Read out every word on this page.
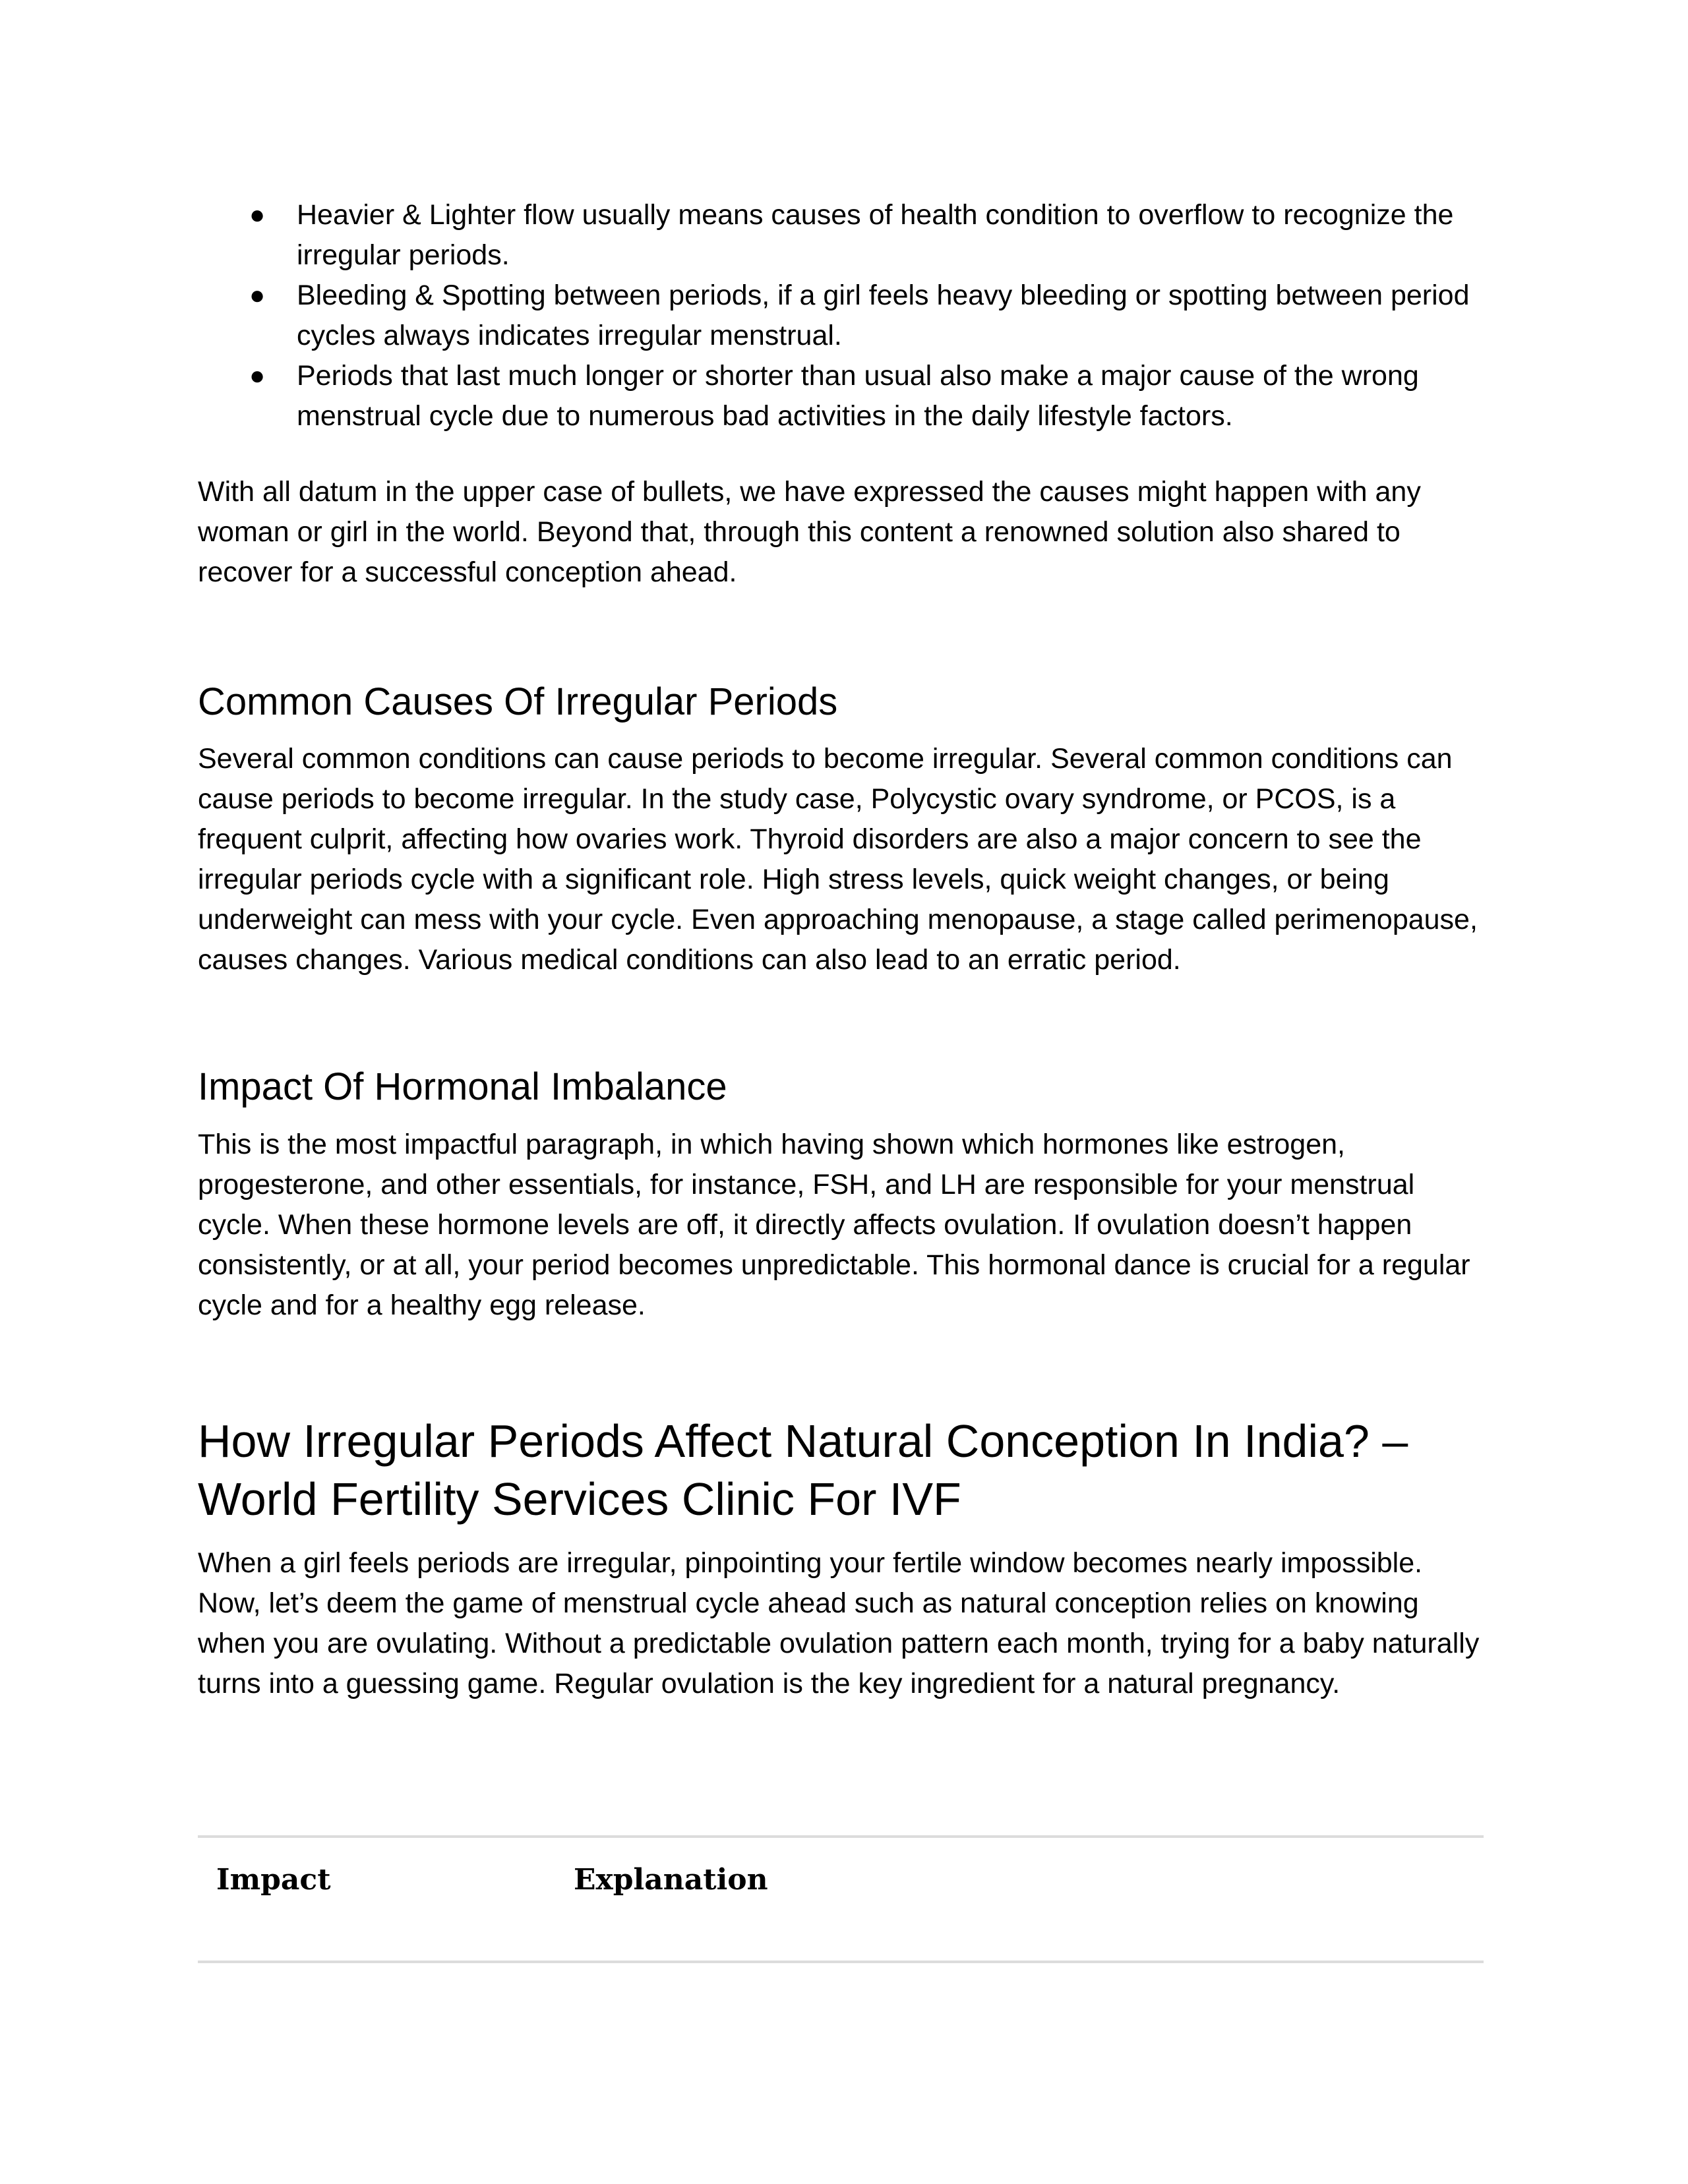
● Heavier & Lighter flow usually means causes of health condition to overflow to recognize the irregular periods.
● Bleeding & Spotting between periods, if a girl feels heavy bleeding or spotting between period cycles always indicates irregular menstrual.
● Periods that last much longer or shorter than usual also make a major cause of the wrong menstrual cycle due to numerous bad activities in the daily lifestyle factors.

With all datum in the upper case of bullets, we have expressed the causes might happen with any woman or girl in the world. Beyond that, through this content a renowned solution also shared to recover for a successful conception ahead.

Common Causes Of Irregular Periods

Several common conditions can cause periods to become irregular. Several common conditions can cause periods to become irregular. In the study case, Polycystic ovary syndrome, or PCOS, is a frequent culprit, affecting how ovaries work. Thyroid disorders are also a major concern to see the irregular periods cycle with a significant role. High stress levels, quick weight changes, or being underweight can mess with your cycle. Even approaching menopause, a stage called perimenopause, causes changes. Various medical conditions can also lead to an erratic period.

Impact Of Hormonal Imbalance

This is the most impactful paragraph, in which having shown which hormones like estrogen, progesterone, and other essentials, for instance, FSH, and LH are responsible for your menstrual cycle. When these hormone levels are off, it directly affects ovulation. If ovulation doesn’t happen consistently, or at all, your period becomes unpredictable. This hormonal dance is crucial for a regular cycle and for a healthy egg release.

How Irregular Periods Affect Natural Conception In India? – World Fertility Services Clinic For IVF

When a girl feels periods are irregular, pinpointing your fertile window becomes nearly impossible. Now, let’s deem the game of menstrual cycle ahead such as natural conception relies on knowing when you are ovulating. Without a predictable ovulation pattern each month, trying for a baby naturally turns into a guessing game. Regular ovulation is the key ingredient for a natural pregnancy.

Impact	Explanation
